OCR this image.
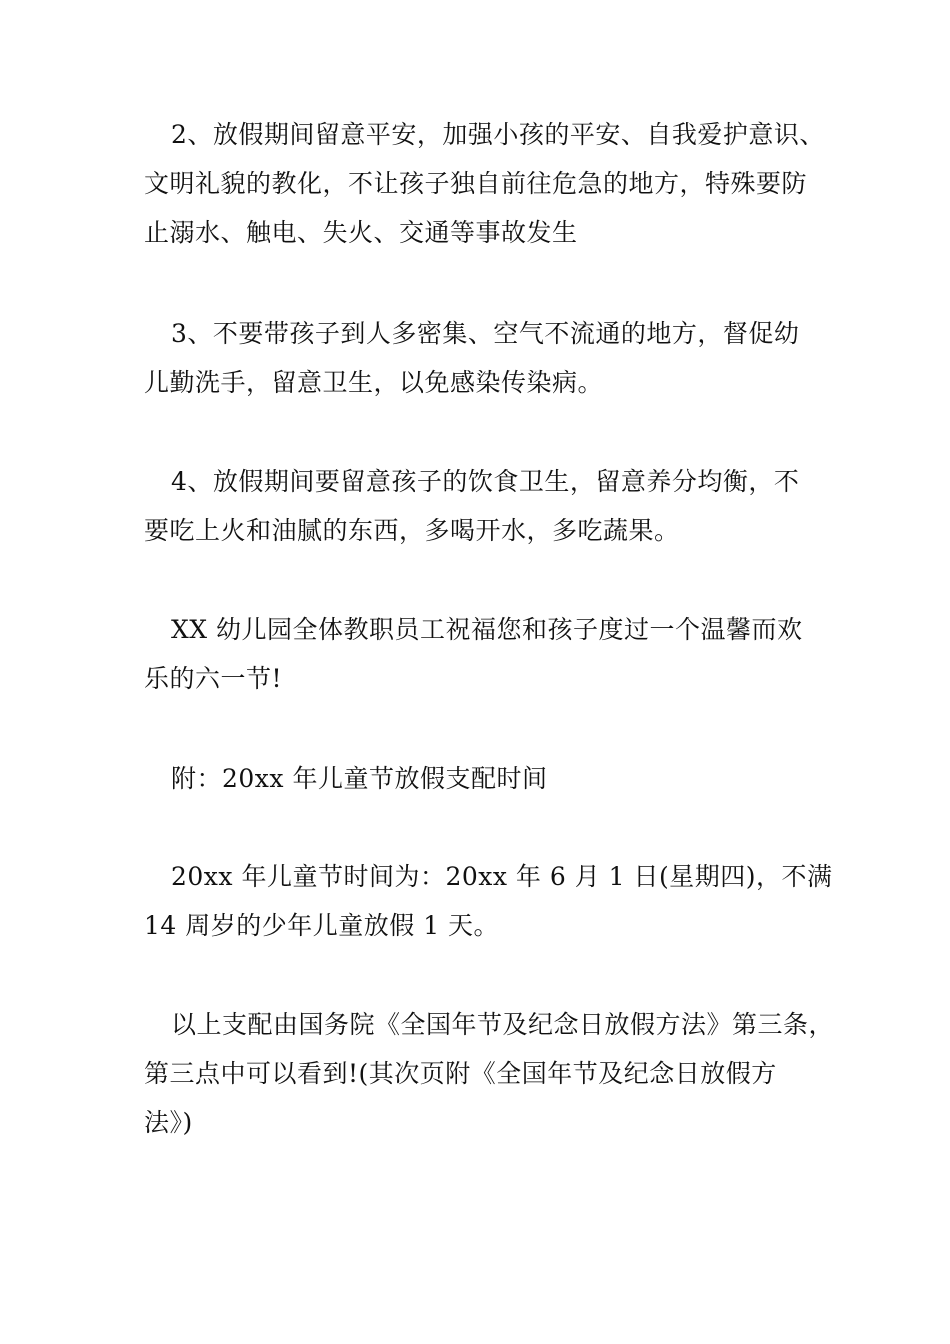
2、放假期间留意平安，加强小孩的平安、自我爱护意识、
文明礼貌的教化，不让孩子独自前往危急的地方，特殊要防
止溺水、触电、失火、交通等事故发生

3、不要带孩子到人多密集、空气不流通的地方，督促幼
儿勤洗手，留意卫生，以免感染传染病。

4、放假期间要留意孩子的饮食卫生，留意养分均衡，不
要吃上火和油腻的东西，多喝开水，多吃蔬果。

XX 幼儿园全体教职员工祝福您和孩子度过一个温馨而欢
乐的六一节!

附：20xx 年儿童节放假支配时间

20xx 年儿童节时间为：20xx 年 6 月 1 日(星期四)，不满
14 周岁的少年儿童放假 1 天。

以上支配由国务院《全国年节及纪念日放假方法》第三条，
第三点中可以看到!(其次页附《全国年节及纪念日放假方
法》)
